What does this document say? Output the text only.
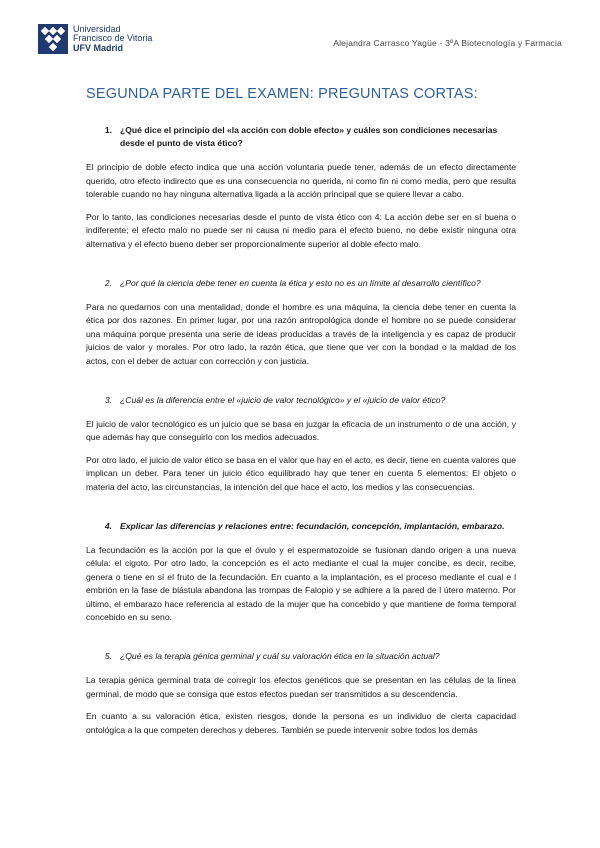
Universidad
Francisco de Vitoria
UFV Madrid	Alejandra Carrasco Yagüe - 3ºA Biotecnología y Farmacia
SEGUNDA PARTE DEL EXAMEN: PREGUNTAS CORTAS:
1. ¿Qué dice el principio del «la acción con doble efecto» y cuáles son condiciones necesarias desde el punto de vista ético?

El principio de doble efecto indica que una acción voluntaria puede tener, además de un efecto directamente querido, otro efecto indirecto que es una consecuencia no querida, ni como fin ni como media, pero que resulta tolerable cuando no hay ninguna alternativa ligada a la acción principal que se quiere llevar a cabo.

Por lo tanto, las condiciones necesarias desde el punto de vista ético con 4: La acción debe ser en sí buena o indiferente; el efecto malo no puede ser ni causa ni medio para el efecto bueno, no debe existir ninguna otra alternativa y el efecto bueno deber ser proporcionalmente superior al doble efecto malo.

2. ¿Por qué la ciencia debe tener en cuenta la ética y esto no es un límite al desarrollo científico?

Para no quedarnos con una mentalidad, donde el hombre es una máquina, la ciencia debe tener en cuenta la ética por dos razones. En primer lugar, por una razón antropológica donde el hombre no se puede considerar una máquina porque presenta una serie de ideas producidas a través de la inteligencia y es capaz de producir juicios de valor y morales. Por otro lado, la razón ética, que tiene que ver con la bondad o la maldad de los actos, con el deber de actuar con corrección y con justicia.

3. ¿Cuál es la diferencia entre el «juicio de valor tecnológico» y el «juicio de valor ético?

El juicio de valor tecnológico es un juicio que se basa en juzgar la eficacia de un instrumento o de una acción, y que además hay que conseguirlo con los medios adecuados.

Por otro lado, el juicio de valor ético se basa en el valor que hay en el acto, es decir, tiene en cuenta valores que implican un deber. Para tener un juicio ético equilibrado hay que tener en cuenta 5 elementos: El objeto o materia del acto, las circunstancias, la intención del que hace el acto, los medios y las consecuencias.

4. Explicar las diferencias y relaciones entre: fecundación, concepción, implantación, embarazo.

La fecundación es la acción por la que el óvulo y el espermatozoide se fusionan dando origen a una nueva célula: el cigoto. Por otro lado, la concepción es el acto mediante el cual la mujer concibe, es decir, recibe, genera o tiene en sí el fruto de la fecundación. En cuanto a la implantación, es el proceso mediante el cual e l embrión en la fase de blástula abandona las trompas de Falopio y se adhiere a la pared de l útero materno. Por último, el embarazo hace referencia al estado de la mujer que ha concebido y que mantiene de forma temporal concebido en su seno.

5. ¿Qué es la terapia génica germinal y cuál su valoración ética en la situación actual?

La terapia génica germinal trata de corregir los efectos genéticos que se presentan en las células de la línea germinal, de modo que se consiga que estos efectos puedan ser transmitidos a su descendencia.

En cuanto a su valoración ética, existen riesgos, donde la persona es un individuo de cierta capacidad ontológica a la que competen derechos y deberes. También se puede intervenir sobre todos los demás
